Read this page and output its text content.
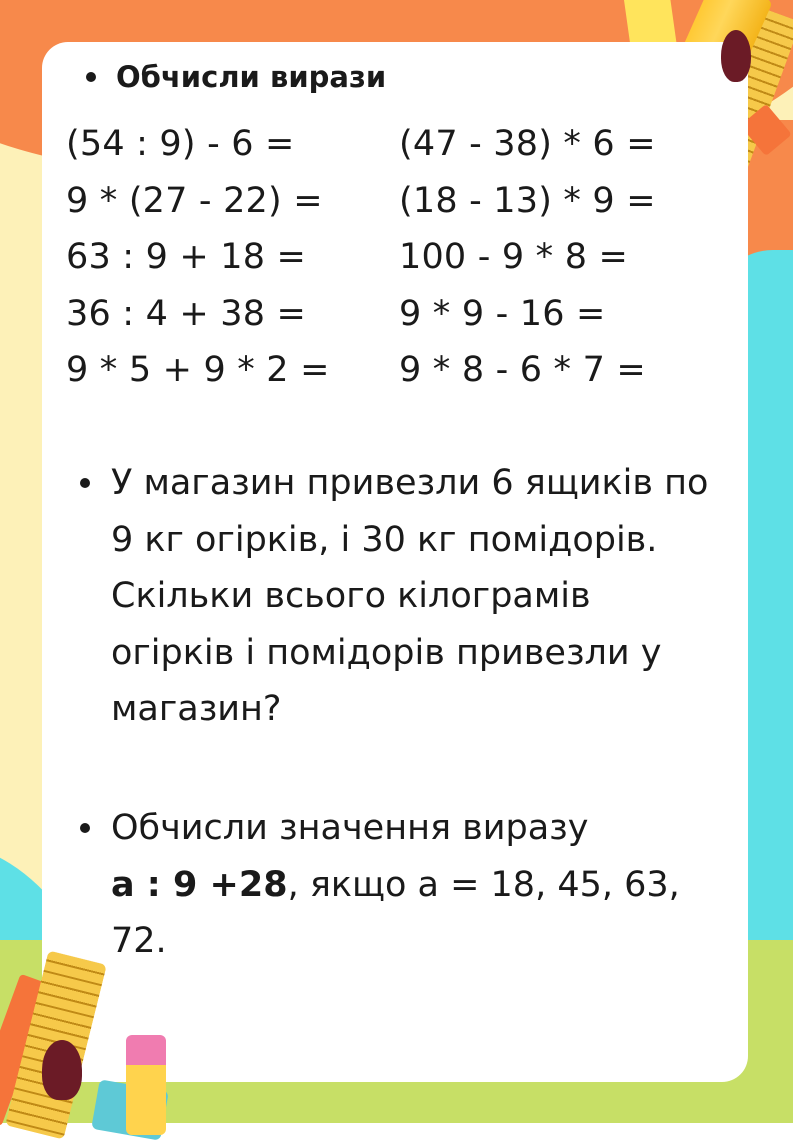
Обчисли вирази
(54 : 9) - 6 =	(47 - 38) * 6 =
9 * (27 - 22) =	(18 - 13) * 9 =
63 : 9 + 18 =	100 - 9 * 8 =
36 : 4 + 38 =	9 * 9 - 16 =
9 * 5 + 9 * 2 =	9 * 8 - 6 * 7 =
У магазин привезли 6 ящиків по
9 кг огірків, і 30 кг помідорів.
Скільки всього кілограмів
огірків і помідорів привезли у
магазин?
Обчисли значення виразу
а : 9 +28, якщо а = 18, 45, 63,
72.
